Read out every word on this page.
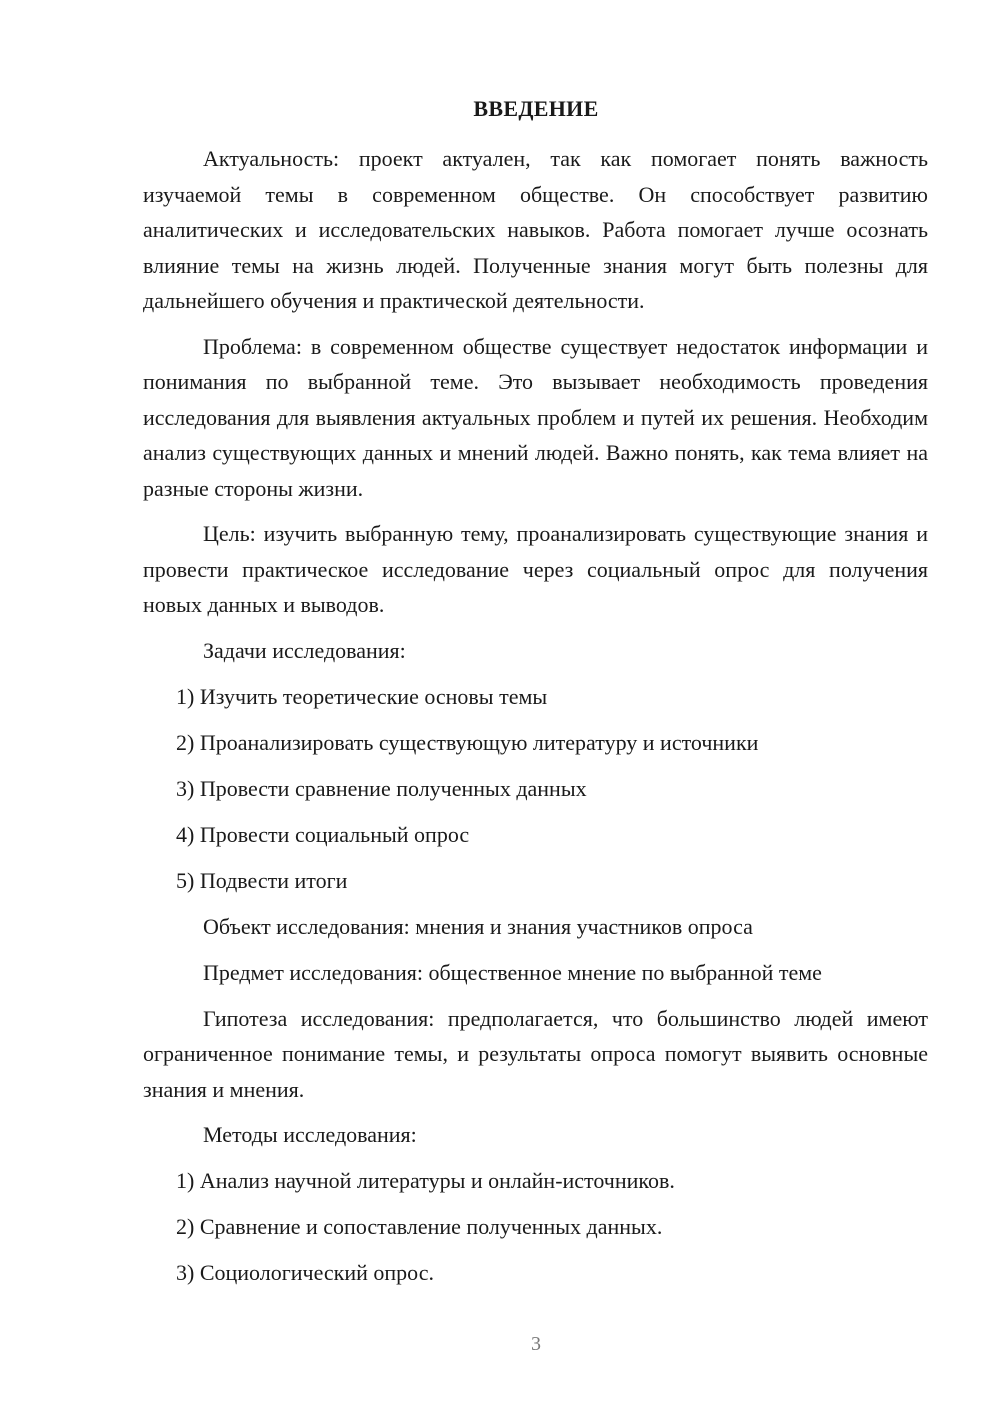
ВВЕДЕНИЕ

Актуальность: проект актуален, так как помогает понять важность изучаемой темы в современном обществе. Он способствует развитию аналитических и исследовательских навыков. Работа помогает лучше осознать влияние темы на жизнь людей. Полученные знания могут быть полезны для дальнейшего обучения и практической деятельности.

Проблема: в современном обществе существует недостаток информации и понимания по выбранной теме. Это вызывает необходимость проведения исследования для выявления актуальных проблем и путей их решения. Необходим анализ существующих данных и мнений людей. Важно понять, как тема влияет на разные стороны жизни.

Цель: изучить выбранную тему, проанализировать существующие знания и провести практическое исследование через социальный опрос для получения новых данных и выводов.

Задачи исследования:
1) Изучить теоретические основы темы
2) Проанализировать существующую литературу и источники
3) Провести сравнение полученных данных
4) Провести социальный опрос
5) Подвести итоги
Объект исследования: мнения и знания участников опроса
Предмет исследования: общественное мнение по выбранной теме

Гипотеза исследования: предполагается, что большинство людей имеют ограниченное понимание темы, и результаты опроса помогут выявить основные знания и мнения.

Методы исследования:
1) Анализ научной литературы и онлайн-источников.
2) Сравнение и сопоставление полученных данных.
3) Социологический опрос.
3
